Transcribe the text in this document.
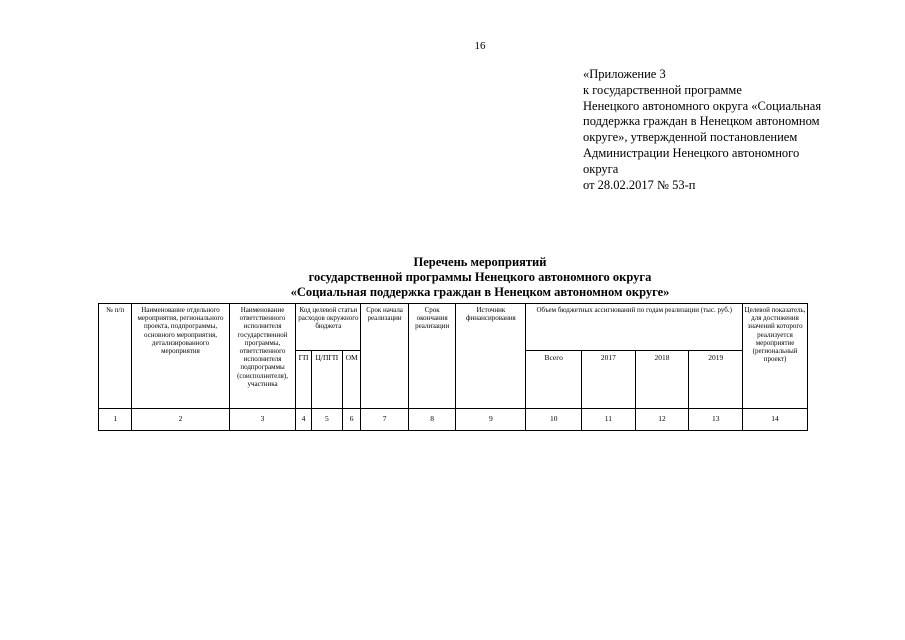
16
«Приложение 3
к государственной программе
Ненецкого автономного округа «Социальная
поддержка граждан в Ненецком автономном
округе», утвержденной постановлением
Администрации Ненецкого автономного
округа
от 28.02.2017 № 53-п
Перечень мероприятий
государственной программы Ненецкого автономного округа
«Социальная поддержка граждан в Ненецком автономном округе»
№ п/п	Наименование отдельного мероприятия, регионального проекта, подпрограммы, основного мероприятия, детализированного мероприятия	Наименование ответственного исполнителя государственной программы, ответственного исполнителя подпрограммы (соисполнителя), участника	Код целевой статьи расходов окружного бюджета			Срок начала реализации	Срок окончания реализации	Источник финансирования	Объем бюджетных ассигнований по годам реализации (тыс. руб.)				Целевой показатель, для достижения значений которого реализуется мероприятие (региональный проект)
			ГП	Ц/ПГП	ОМ				Всего	2017	2018	2019	
1	2	3	4	5	6	7	8	9	10	11	12	13	14
